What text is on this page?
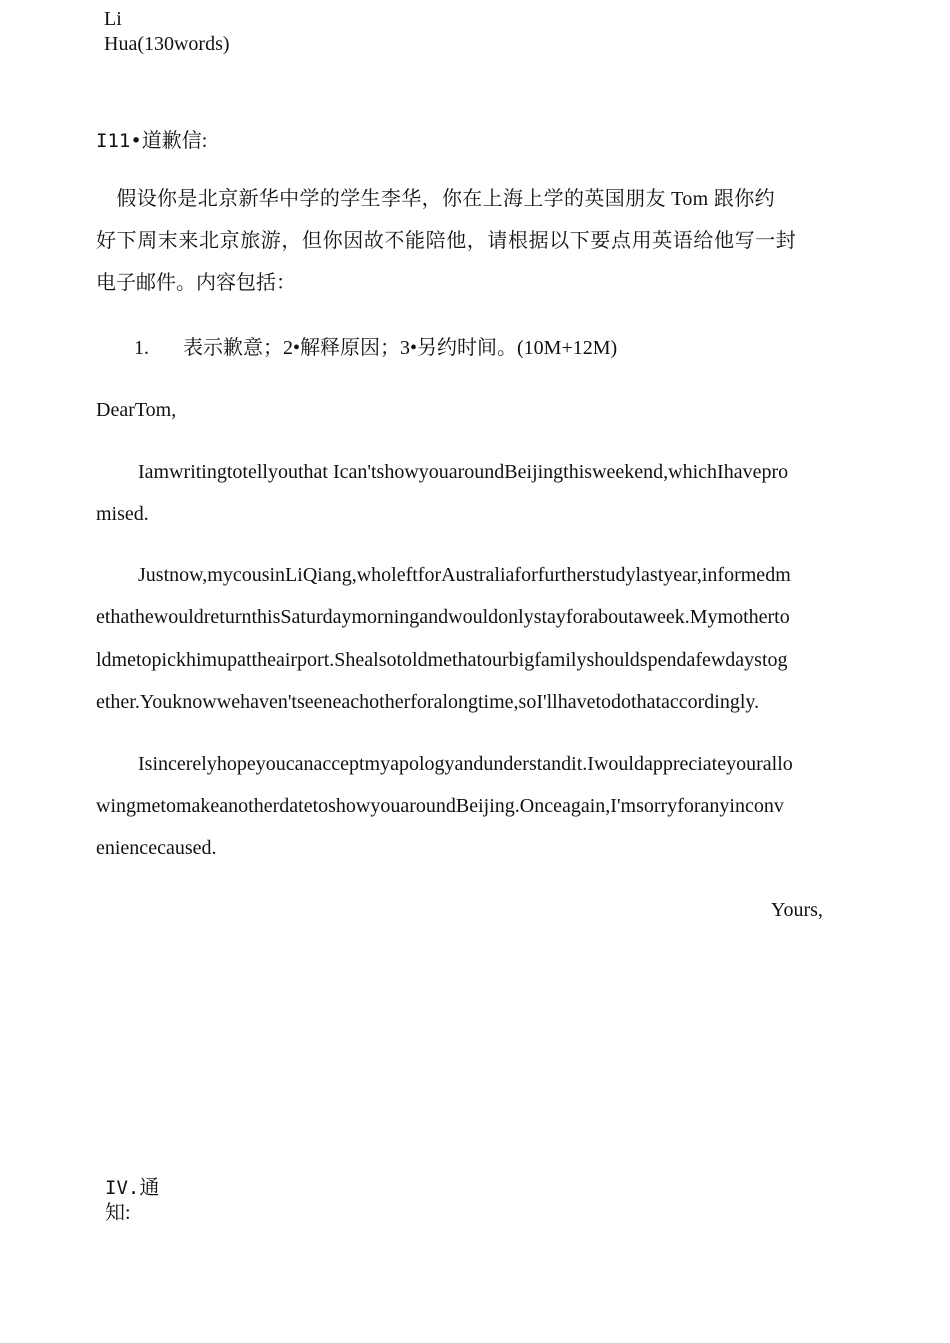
Li
Hua(130words)
I11•道歉信:
　假设你是北京新华中学的学生李华，你在上海上学的英国朋友 Tom 跟你约
好下周末来北京旅游，但你因故不能陪他，请根据以下要点用英语给他写一封
电子邮件。内容包括：
1. 表示歉意；2•解释原因；3•另约时间。(10M+12M)
DearTom,
Iamwritingtotellyouthat Ican'tshowyouaroundBeijingthisweekend,whichIhavepro
mised.
Justnow,mycousinLiQiang,wholeftforAustraliaforfurtherstudylastyear,informedm
ethathewouldreturnthisSaturdaymorningandwouldonlystayforaboutaweek.Mymotherto
ldmetopickhimupattheairport.Shealsotoldmethatourbigfamilyshouldspendafewdaystog
ether.Youknowwehaven'tseeneachotherforalongtime,soI'llhavetodothataccordingly.
Isincerelyhopeyoucanacceptmyapologyandunderstandit.Iwouldappreciateyourallo
wingmetomakeanotherdatetoshowyouaroundBeijing.Onceagain,I'msorryforanyinconv
eniencecaused.
Yours,
IV.通
知:
